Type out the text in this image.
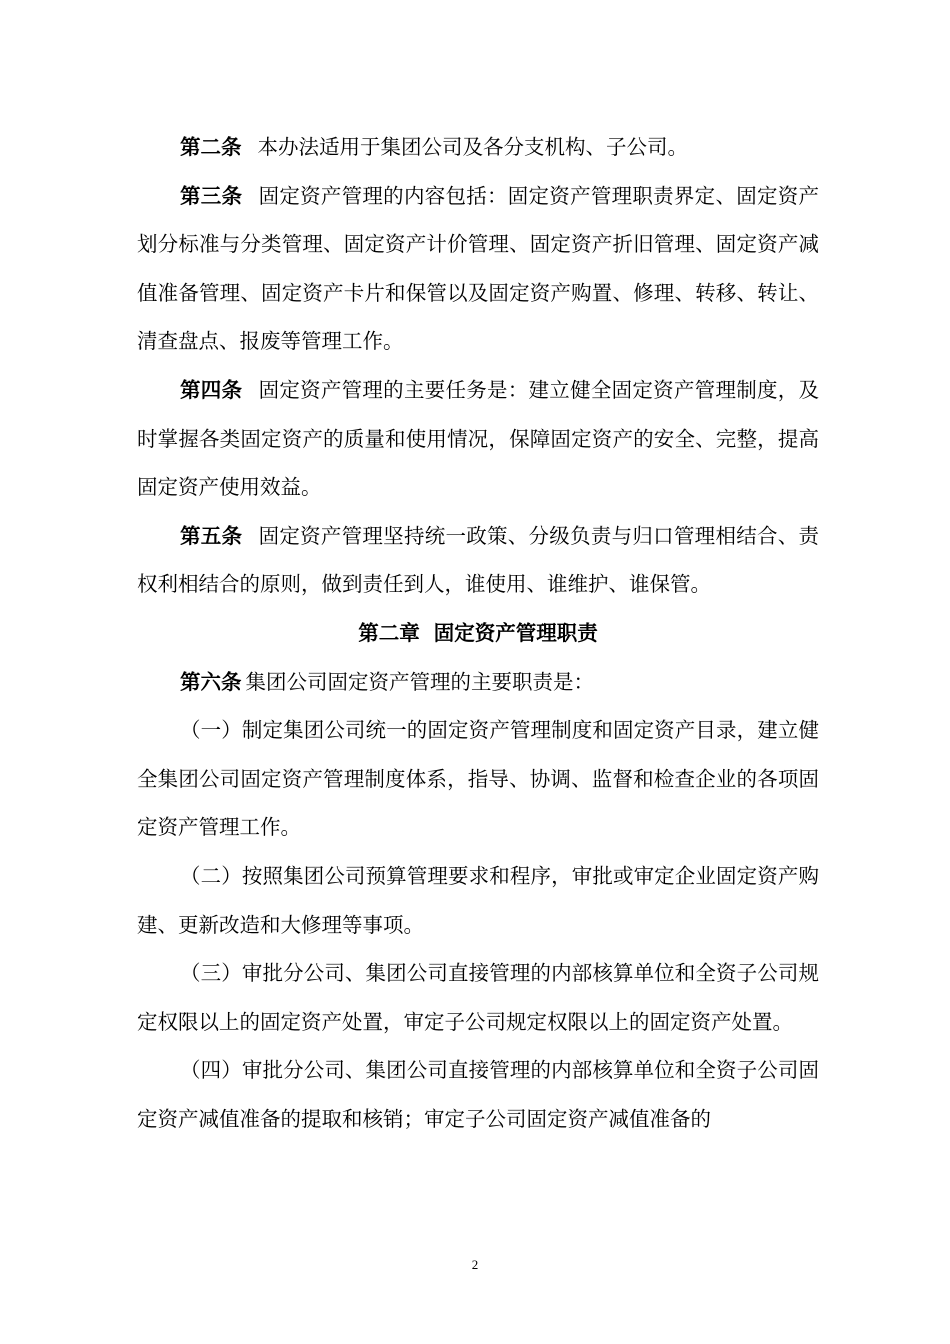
第二条 本办法适用于集团公司及各分支机构、子公司。

第三条 固定资产管理的内容包括：固定资产管理职责界定、固定资产划分标准与分类管理、固定资产计价管理、固定资产折旧管理、固定资产减值准备管理、固定资产卡片和保管以及固定资产购置、修理、转移、转让、清查盘点、报废等管理工作。

第四条 固定资产管理的主要任务是：建立健全固定资产管理制度，及时掌握各类固定资产的质量和使用情况，保障固定资产的安全、完整，提高固定资产使用效益。

第五条 固定资产管理坚持统一政策、分级负责与归口管理相结合、责权利相结合的原则，做到责任到人，谁使用、谁维护、谁保管。

第二章 固定资产管理职责

第六条 集团公司固定资产管理的主要职责是：

（一）制定集团公司统一的固定资产管理制度和固定资产目录，建立健全集团公司固定资产管理制度体系，指导、协调、监督和检查企业的各项固定资产管理工作。

（二）按照集团公司预算管理要求和程序，审批或审定企业固定资产购建、更新改造和大修理等事项。

（三）审批分公司、集团公司直接管理的内部核算单位和全资子公司规定权限以上的固定资产处置，审定子公司规定权限以上的固定资产处置。

（四）审批分公司、集团公司直接管理的内部核算单位和全资子公司固定资产减值准备的提取和核销；审定子公司固定资产减值准备的

2
